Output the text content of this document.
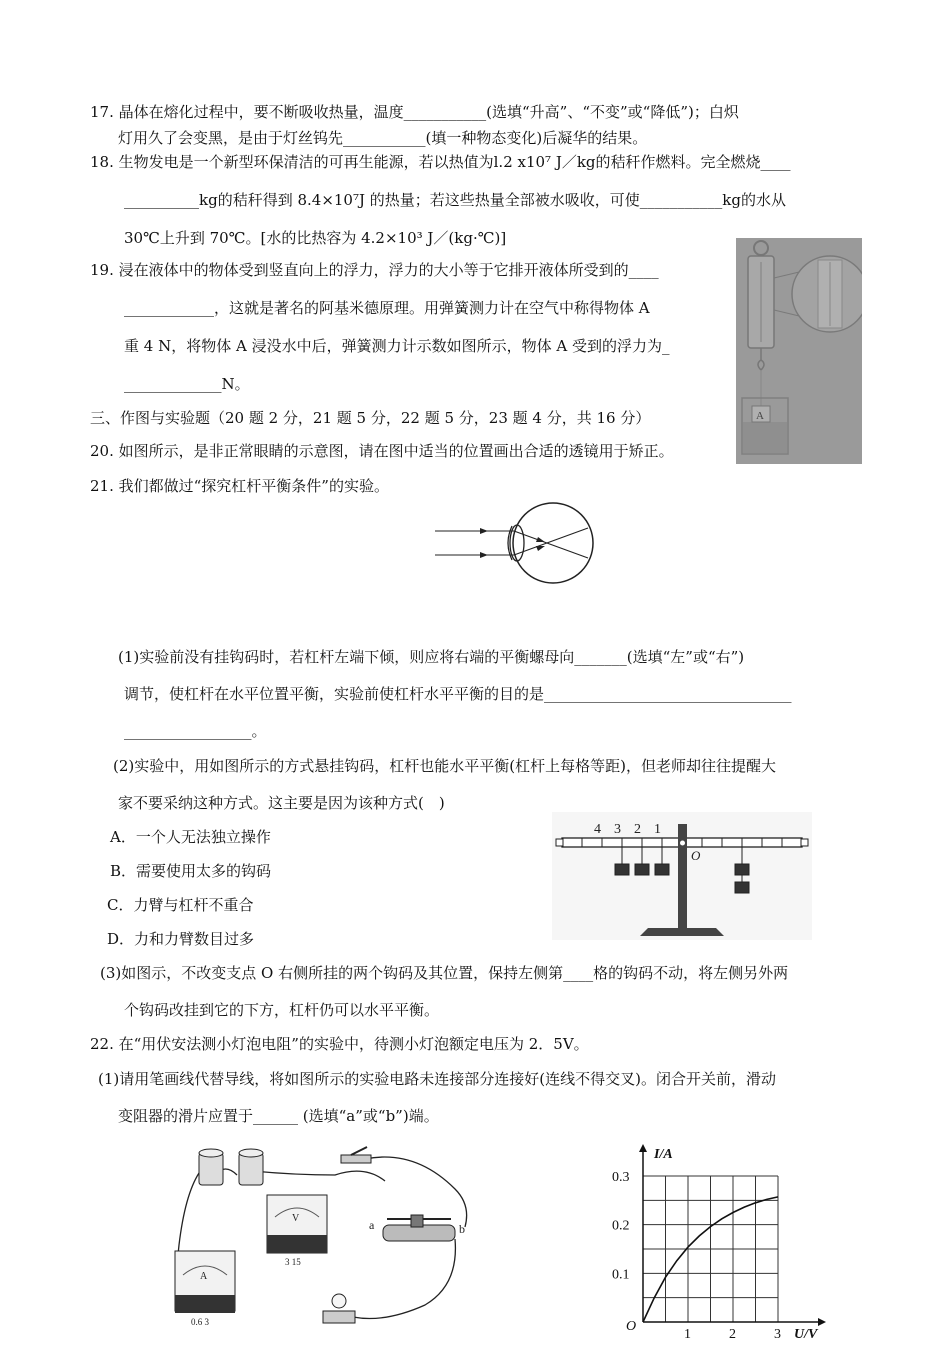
17. 晶体在熔化过程中，要不断吸收热量，温度___________(选填“升高”、“不变”或“降低”)；白炽
灯用久了会变黑，是由于灯丝钨先___________(填一种物态变化)后凝华的结果。
18. 生物发电是一个新型环保清洁的可再生能源，若以热值为l.2 x10⁷ J／kg的秸秆作燃料。完全燃烧____
__________kg的秸秆得到 8.4×10⁷J 的热量；若这些热量全部被水吸收，可使___________kg的水从
30℃上升到 70℃。[水的比热容为 4.2×10³ J／(kg·℃)]
A
19. 浸在液体中的物体受到竖直向上的浮力，浮力的大小等于它排开液体所受到的____
____________，这就是著名的阿基米德原理。用弹簧测力计在空气中称得物体 A
重 4 N，将物体 A 浸没水中后，弹簧测力计示数如图所示，物体 A 受到的浮力为_
_____________N。
三、作图与实验题（20 题 2 分，21 题 5 分，22 题 5 分，23 题 4 分，共 16 分）
20. 如图所示，是非正常眼睛的示意图，请在图中适当的位置画出合适的透镜用于矫正。
21. 我们都做过“探究杠杆平衡条件”的实验。
(1)实验前没有挂钩码时，若杠杆左端下倾，则应将右端的平衡螺母向_______(选填“左”或“右”)
调节，使杠杆在水平位置平衡，实验前使杠杆水平平衡的目的是_________________________________
_________________。
(2)实验中，用如图所示的方式悬挂钩码，杠杆也能水平平衡(杠杆上每格等距)，但老师却往往提醒大
家不要采纳这种方式。这主要是因为该种方式(　)
A．一个人无法独立操作
B．需要使用太多的钩码
C．力臂与杠杆不重合
D．力和力臂数目过多
4 3 2 1
O
(3)如图示，不改变支点 O 右侧所挂的两个钩码及其位置，保持左侧第____格的钩码不动，将左侧另外两
个钩码改挂到它的下方，杠杆仍可以水平平衡。
22. 在“用伏安法测小灯泡电阻”的实验中，待测小灯泡额定电压为 2．5V。
(1)请用笔画线代替导线，将如图所示的实验电路未连接部分连接好(连线不得交叉)。闭合开关前，滑动
变阻器的滑片应置于______ (选填“a”或“b”)端。
V
3 15
A
0.6 3
a	b
I/A
U/V
O
1	2	3
0.1
0.2
0.3
